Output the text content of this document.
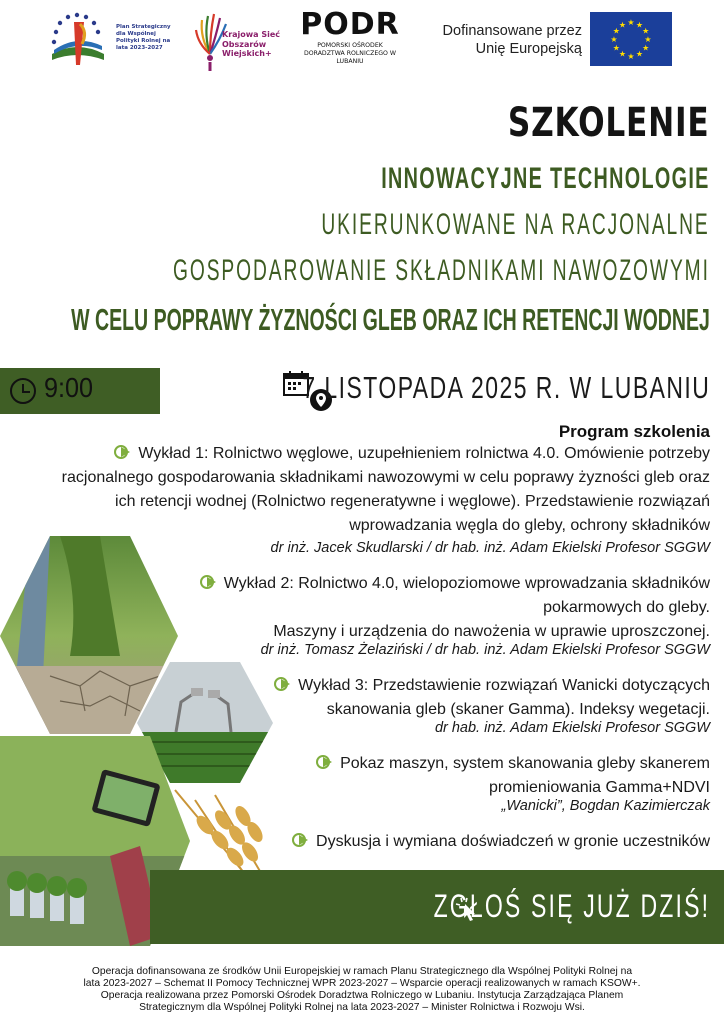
Plan Strategiczny dla Wspólnej Polityki Rolnej na lata 2023-2027
Krajowa Sieć Obszarów Wiejskich+
PODR
POMORSKI OŚRODEK DORADZTWA ROLNICZEGO W LUBANIU
Dofinansowane przez
Unię Europejską
★ ★
★
★
★
★
★
★
★
★
★
★
SZKOLENIE
INNOWACYJNE TECHNOLOGIE
UKIERUNKOWANE NA RACJONALNE
GOSPODAROWANIE SKŁADNIKAMI NAWOZOWYMI
W CELU POPRAWY ŻYZNOŚCI GLEB ORAZ ICH RETENCJI WODNEJ
9:00	7 LISTOPADA 2025 R. W LUBANIU
Program szkolenia
Wykład 1: Rolnictwo węglowe, uzupełnieniem rolnictwa 4.0. Omówienie potrzeby
racjonalnego gospodarowania składnikami nawozowymi w celu poprawy żyzności gleb oraz
ich retencji wodnej (Rolnictwo regeneratywne i węglowe). Przedstawienie rozwiązań
wprowadzania węgla do gleby, ochrony składników
dr inż. Jacek Skudlarski / dr hab. inż. Adam Ekielski Profesor SGGW
Wykład 2: Rolnictwo 4.0, wielopoziomowe wprowadzania składników
pokarmowych do gleby.
Maszyny i urządzenia do nawożenia w uprawie uproszczonej.
dr inż. Tomasz Żelaziński / dr hab. inż. Adam Ekielski Profesor SGGW
Wykład 3: Przedstawienie rozwiązań Wanicki dotyczących
skanowania gleb (skaner Gamma). Indeksy wegetacji.
dr hab. inż. Adam Ekielski Profesor SGGW
Pokaz maszyn, system skanowania gleby skanerem
promieniowania Gamma+NDVI
„Wanicki”, Bogdan Kazimierczak
Dyskusja i wymiana doświadczeń w gronie uczestników
ZGŁOŚ SIĘ JUŻ DZIŚ!
Operacja dofinansowana ze środków Unii Europejskiej w ramach Planu Strategicznego dla Wspólnej Polityki Rolnej na
lata 2023-2027 – Schemat II Pomocy Technicznej WPR 2023-2027 – Wsparcie operacji realizowanych w ramach KSOW+.
Operacja realizowana przez Pomorski Ośrodek Doradztwa Rolniczego w Lubaniu. Instytucja Zarządzająca Planem
Strategicznym dla Wspólnej Polityki Rolnej na lata 2023-2027 – Minister Rolnictwa i Rozwoju Wsi.
